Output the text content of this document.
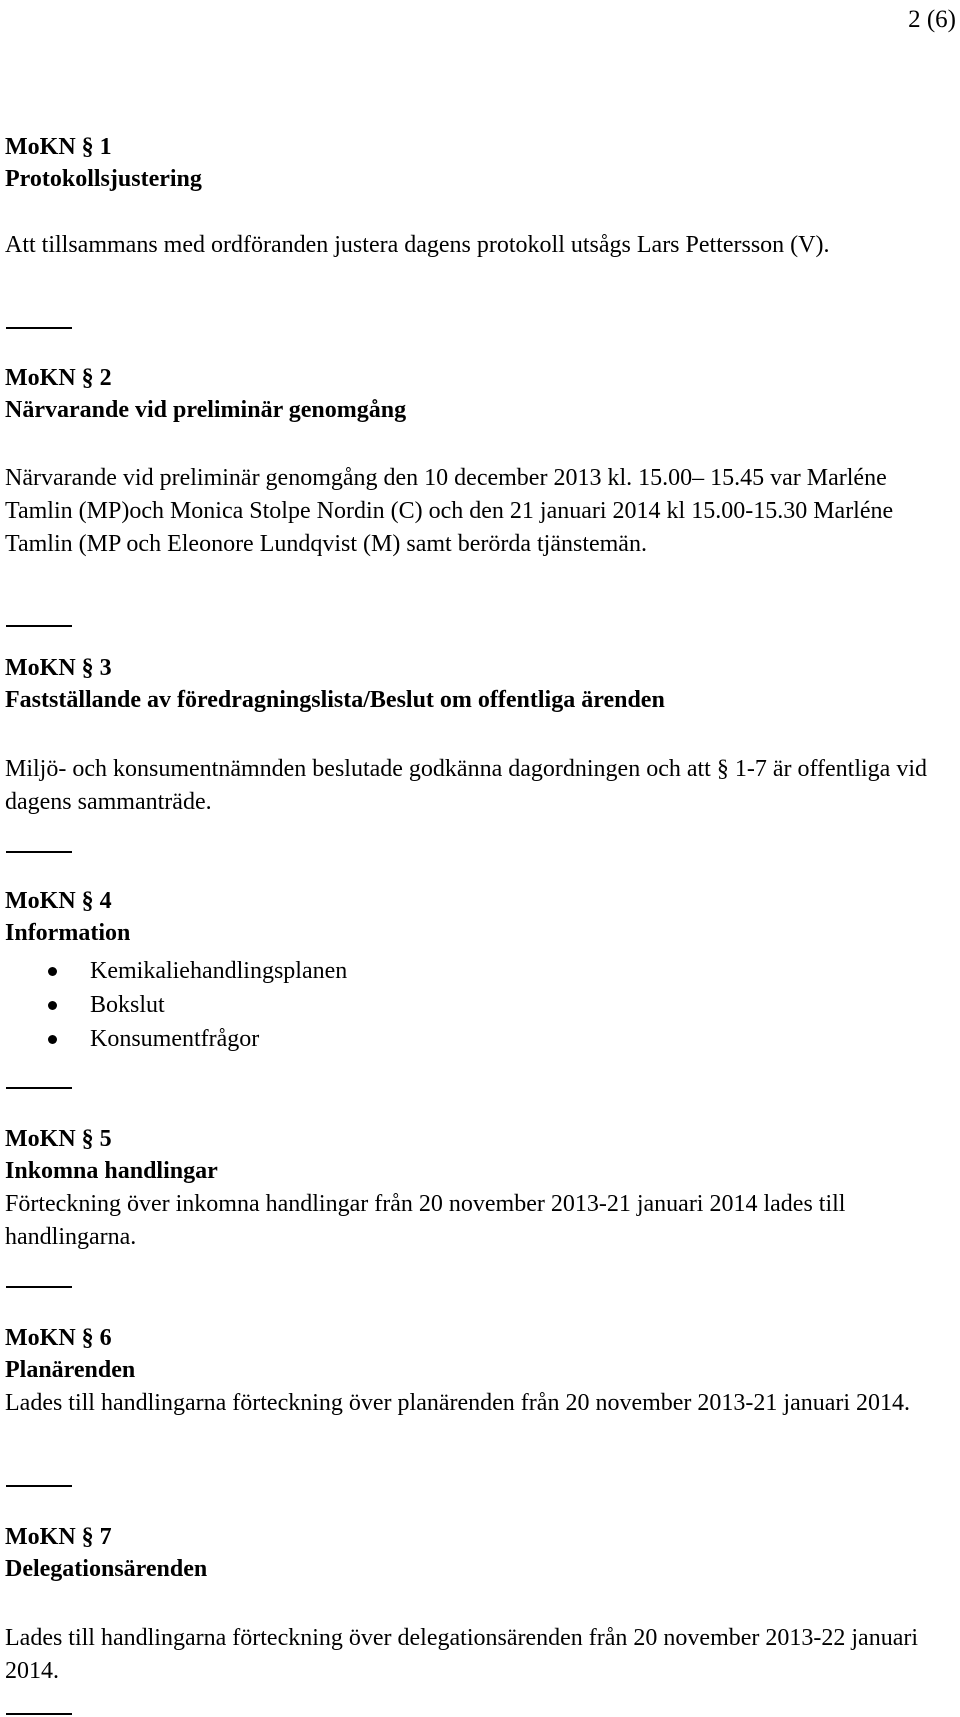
2 (6)
MoKN § 1
Protokollsjustering
Att tillsammans med ordföranden justera dagens protokoll utsågs Lars Pettersson (V).
MoKN § 2
Närvarande vid preliminär genomgång
Närvarande vid preliminär genomgång den 10 december 2013 kl. 15.00– 15.45 var Marléne Tamlin (MP)och Monica Stolpe Nordin (C) och den 21 januari 2014 kl 15.00-15.30 Marléne Tamlin (MP och Eleonore Lundqvist (M) samt berörda tjänstemän.
MoKN § 3
Fastställande av föredragningslista/Beslut om offentliga ärenden
Miljö- och konsumentnämnden beslutade godkänna dagordningen och att § 1-7 är offentliga vid dagens sammanträde.
MoKN § 4
Information
Kemikaliehandlingsplanen
Bokslut
Konsumentfrågor
MoKN § 5
Inkomna handlingar
Förteckning över inkomna handlingar från 20 november 2013-21 januari 2014 lades till handlingarna.
MoKN § 6
Planärenden
Lades till handlingarna förteckning över planärenden från 20 november 2013-21 januari 2014.
MoKN § 7
Delegationsärenden
Lades till handlingarna förteckning över delegationsärenden från 20 november 2013-22 januari 2014.
